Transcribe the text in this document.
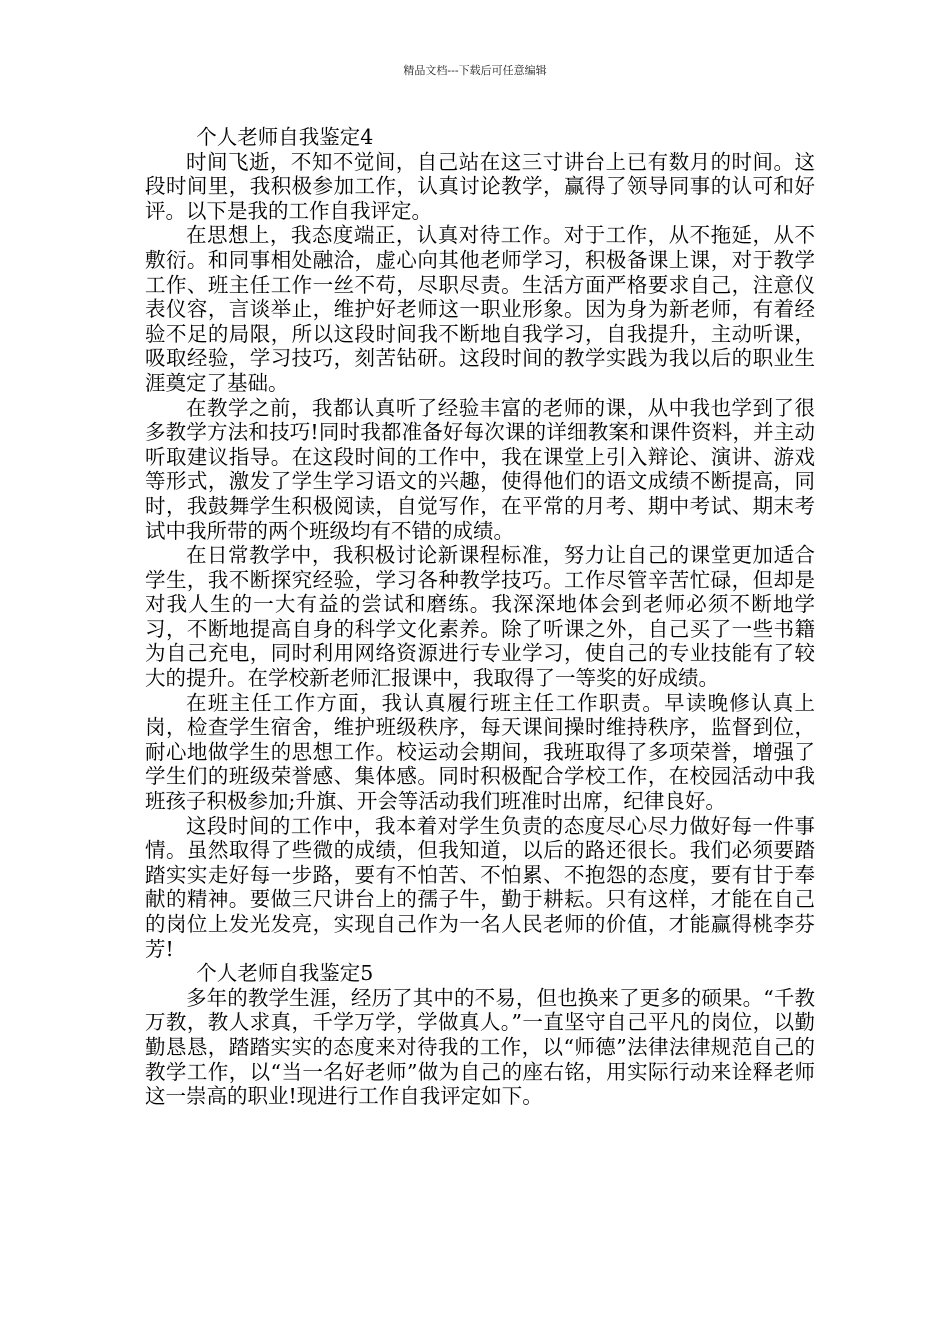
精品文档---下载后可任意编辑

个人老师自我鉴定4

时间飞逝，不知不觉间，自己站在这三寸讲台上已有数月的时间。这段时间里，我积极参加工作，认真讨论教学，赢得了领导同事的认可和好评。以下是我的工作自我评定。

在思想上，我态度端正，认真对待工作。对于工作，从不拖延，从不敷衍。和同事相处融洽，虚心向其他老师学习，积极备课上课，对于教学工作、班主任工作一丝不苟，尽职尽责。生活方面严格要求自己，注意仪表仪容，言谈举止，维护好老师这一职业形象。因为身为新老师，有着经验不足的局限，所以这段时间我不断地自我学习，自我提升，主动听课，吸取经验，学习技巧，刻苦钻研。这段时间的教学实践为我以后的职业生涯奠定了基础。

在教学之前，我都认真听了经验丰富的老师的课，从中我也学到了很多教学方法和技巧!同时我都准备好每次课的详细教案和课件资料，并主动听取建议指导。在这段时间的工作中，我在课堂上引入辩论、演讲、游戏等形式，激发了学生学习语文的兴趣，使得他们的语文成绩不断提高，同时，我鼓舞学生积极阅读，自觉写作，在平常的月考、期中考试、期末考试中我所带的两个班级均有不错的成绩。

在日常教学中，我积极讨论新课程标准，努力让自己的课堂更加适合学生，我不断探究经验，学习各种教学技巧。工作尽管辛苦忙碌，但却是对我人生的一大有益的尝试和磨练。我深深地体会到老师必须不断地学习，不断地提高自身的科学文化素养。除了听课之外，自己买了一些书籍为自己充电，同时利用网络资源进行专业学习，使自己的专业技能有了较大的提升。在学校新老师汇报课中，我取得了一等奖的好成绩。

在班主任工作方面，我认真履行班主任工作职责。早读晚修认真上岗，检查学生宿舍，维护班级秩序，每天课间操时维持秩序，监督到位，耐心地做学生的思想工作。校运动会期间，我班取得了多项荣誉，增强了学生们的班级荣誉感、集体感。同时积极配合学校工作，在校园活动中我班孩子积极参加;升旗、开会等活动我们班准时出席，纪律良好。

这段时间的工作中，我本着对学生负责的态度尽心尽力做好每一件事情。虽然取得了些微的成绩，但我知道，以后的路还很长。我们必须要踏踏实实走好每一步路，要有不怕苦、不怕累、不抱怨的态度，要有甘于奉献的精神。要做三尺讲台上的孺子牛，勤于耕耘。只有这样，才能在自己的岗位上发光发亮，实现自己作为一名人民老师的价值，才能赢得桃李芬芳!

个人老师自我鉴定5

多年的教学生涯，经历了其中的不易，但也换来了更多的硕果。“千教万教，教人求真，千学万学，学做真人。”一直坚守自己平凡的岗位，以勤勤恳恳，踏踏实实的态度来对待我的工作，以“师德”法律法律规范自己的教学工作，以“当一名好老师”做为自己的座右铭，用实际行动来诠释老师这一崇高的职业!现进行工作自我评定如下。
